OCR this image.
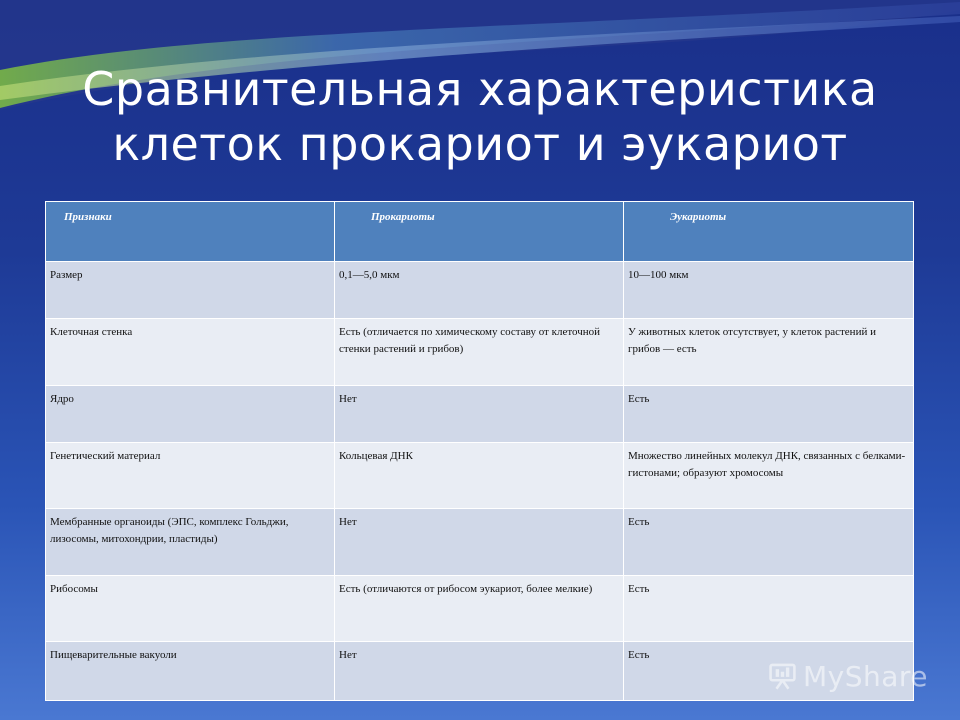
Сравнительная характеристика
клеток прокариот и эукариот
Признаки	Прокариоты	Эукариоты
Размер	0,1—5,0 мкм	10—100 мкм
Клеточная стенка	Есть (отличается по химическому составу от клеточной стенки растений и грибов)	У животных клеток отсутствует, у клеток растений и грибов — есть
Ядро	Нет	Есть
Генетический материал	Кольцевая ДНК	Множество линейных молекул ДНК, связанных с белками-гистонами; образуют хромосомы
Мембранные органоиды (ЭПС, комплекс Гольджи, лизосомы, митохондрии, пластиды)	Нет	Есть
Рибосомы	Есть (отличаются от рибосом эукариот, более мелкие)	Есть
Пищеварительные вакуоли	Нет	Есть
MyShare
